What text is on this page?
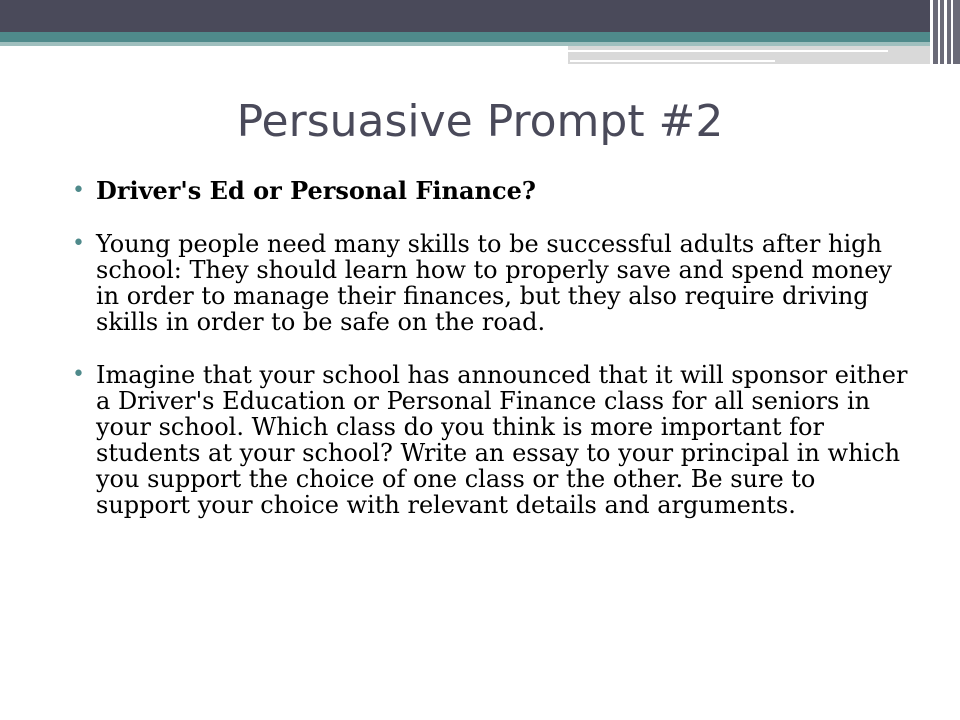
Persuasive Prompt #2
• Driver's Ed or Personal Finance?
• Young people need many skills to be successful adults after high school: They should learn how to properly save and spend money in order to manage their finances, but they also require driving skills in order to be safe on the road.
• Imagine that your school has announced that it will sponsor either a Driver's Education or Personal Finance class for all seniors in your school. Which class do you think is more important for students at your school? Write an essay to your principal in which you support the choice of one class or the other. Be sure to support your choice with relevant details and arguments.
